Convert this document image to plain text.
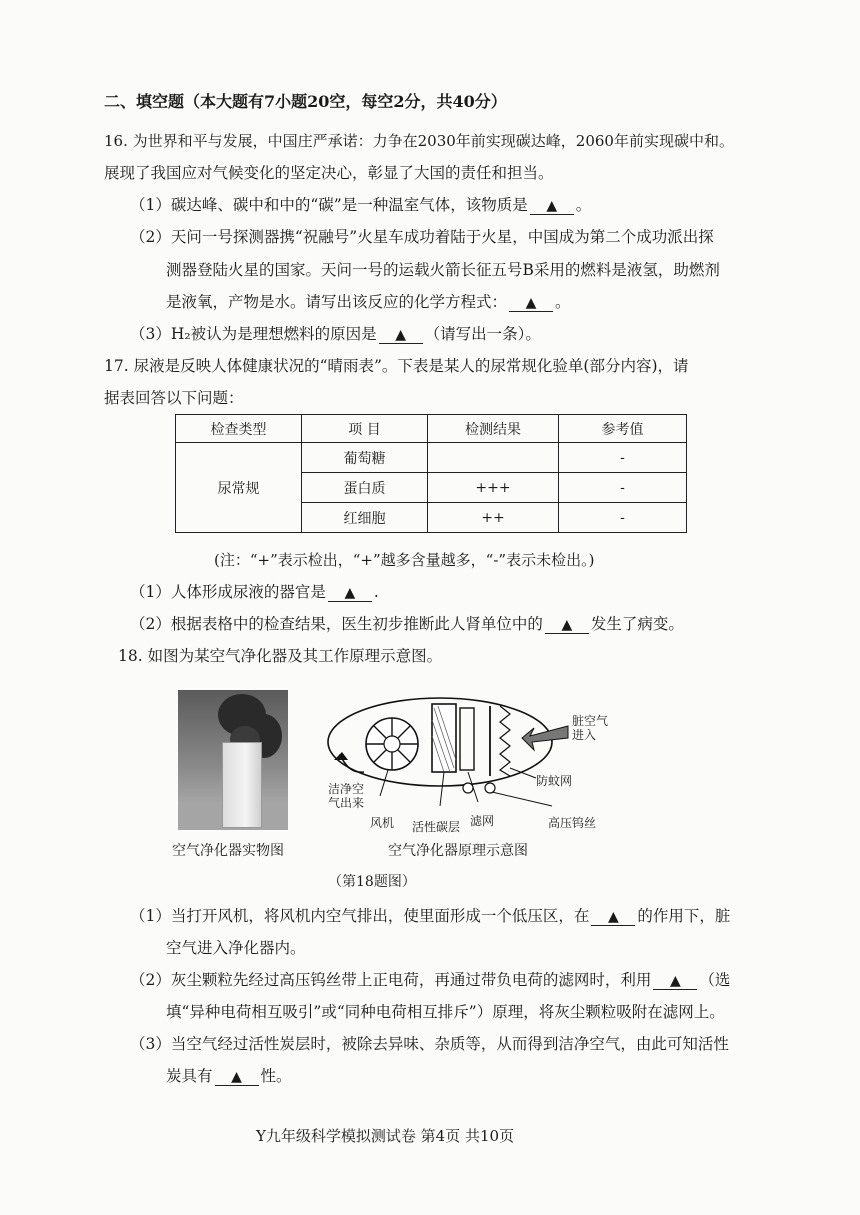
二、填空题（本大题有7小题20空，每空2分，共40分）
16. 为世界和平与发展，中国庄严承诺：力争在2030年前实现碳达峰，2060年前实现碳中和。
展现了我国应对气候变化的坚定决心，彰显了大国的责任和担当。
（1）碳达峰、碳中和中的“碳”是一种温室气体，该物质是 ▲ 。
（2）天问一号探测器携“祝融号”火星车成功着陆于火星，中国成为第二个成功派出探
测器登陆火星的国家。天问一号的运载火箭长征五号B采用的燃料是液氢，助燃剂
是液氧，产物是水。请写出该反应的化学方程式： ▲ 。
（3）H₂被认为是理想燃料的原因是 ▲ （请写出一条）。
17. 尿液是反映人体健康状况的“晴雨表”。下表是某人的尿常规化验单(部分内容)，请
据表回答以下问题：
检查类型	项 目	检测结果	参考值
尿常规	葡萄糖		-
	蛋白质	+++	-
	红细胞	++	-
(注：“+”表示检出，“+”越多含量越多，“-”表示未检出。)
（1）人体形成尿液的器官是 ▲ .
（2）根据表格中的检查结果，医生初步推断此人肾单位中的 ▲ 发生了病变。
18. 如图为某空气净化器及其工作原理示意图。
脏空气
进入
洁净空
气出来
防蚊网
风机 活性碳层 滤网	高压钨丝
空气净化器实物图	空气净化器原理示意图
（第18题图）
（1）当打开风机，将风机内空气排出，使里面形成一个低压区，在 ▲ 的作用下，脏
空气进入净化器内。
（2）灰尘颗粒先经过高压钨丝带上正电荷，再通过带负电荷的滤网时，利用 ▲ （选
填“异种电荷相互吸引”或“同种电荷相互排斥”）原理，将灰尘颗粒吸附在滤网上。
（3）当空气经过活性炭层时，被除去异味、杂质等，从而得到洁净空气，由此可知活性
炭具有 ▲ 性。
Y九年级科学模拟测试卷 第4页 共10页
